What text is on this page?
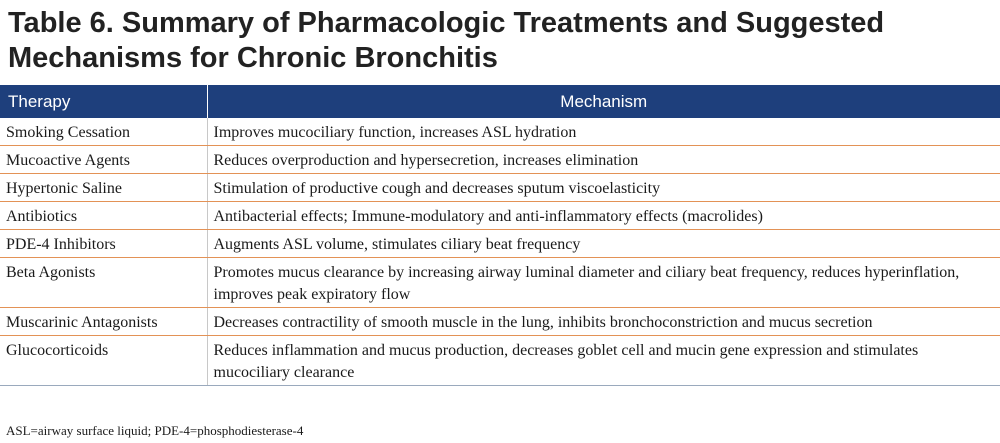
Table 6. Summary of Pharmacologic Treatments and Suggested Mechanisms for Chronic Bronchitis
Therapy	Mechanism
Smoking Cessation	Improves mucociliary function, increases ASL hydration
Mucoactive Agents	Reduces overproduction and hypersecretion, increases elimination
Hypertonic Saline	Stimulation of productive cough and decreases sputum viscoelasticity
Antibiotics	Antibacterial effects; Immune-modulatory and anti-inflammatory effects (macrolides)
PDE-4 Inhibitors	Augments ASL volume, stimulates ciliary beat frequency
Beta Agonists	Promotes mucus clearance by increasing airway luminal diameter and ciliary beat frequency, reduces hyperinflation, improves peak expiratory flow
Muscarinic Antagonists	Decreases contractility of smooth muscle in the lung, inhibits bronchoconstriction and mucus secretion
Glucocorticoids	Reduces inflammation and mucus production, decreases goblet cell and mucin gene expression and stimulates mucociliary clearance
ASL=airway surface liquid; PDE-4=phosphodiesterase-4
